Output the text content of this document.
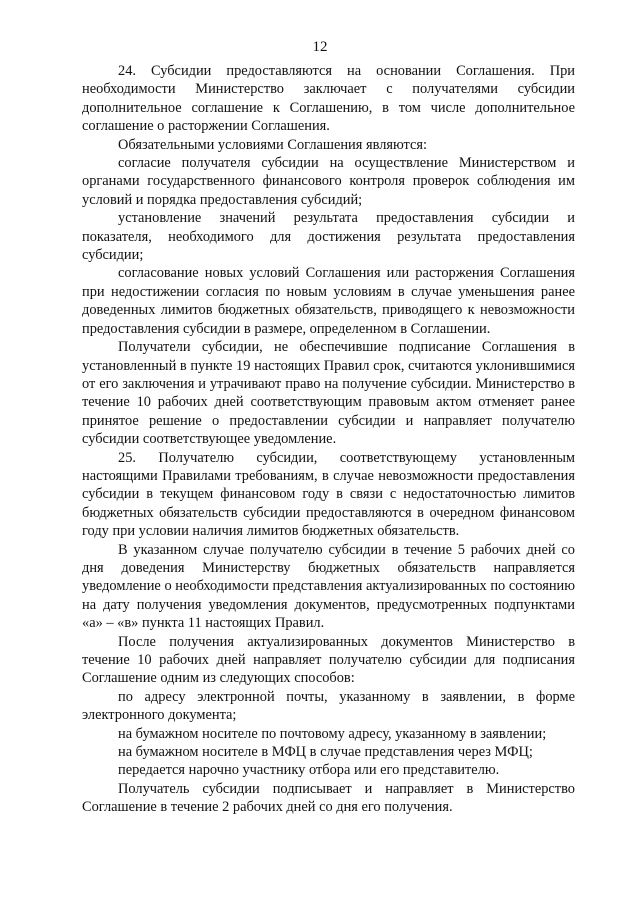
12

24. Субсидии предоставляются на основании Соглашения. При необходимости Министерство заключает с получателями субсидии дополнительное соглашение к Соглашению, в том числе дополнительное соглашение о расторжении Соглашения.

Обязательными условиями Соглашения являются:

согласие получателя субсидии на осуществление Министерством и органами государственного финансового контроля проверок соблюдения им условий и порядка предоставления субсидий;

установление значений результата предоставления субсидии и показателя, необходимого для достижения результата предоставления субсидии;

согласование новых условий Соглашения или расторжения Соглашения при недостижении согласия по новым условиям в случае уменьшения ранее доведенных лимитов бюджетных обязательств, приводящего к невозможности предоставления субсидии в размере, определенном в Соглашении.

Получатели субсидии, не обеспечившие подписание Соглашения в установленный в пункте 19 настоящих Правил срок, считаются уклонившимися от его заключения и утрачивают право на получение субсидии. Министерство в течение 10 рабочих дней соответствующим правовым актом отменяет ранее принятое решение о предоставлении субсидии и направляет получателю субсидии соответствующее уведомление.

25. Получателю субсидии, соответствующему установленным настоящими Правилами требованиям, в случае невозможности предоставления субсидии в текущем финансовом году в связи с недостаточностью лимитов бюджетных обязательств субсидии предоставляются в очередном финансовом году при условии наличия лимитов бюджетных обязательств.

В указанном случае получателю субсидии в течение 5 рабочих дней со дня доведения Министерству бюджетных обязательств направляется уведомление о необходимости представления актуализированных по состоянию на дату получения уведомления документов, предусмотренных подпунктами «а» – «в» пункта 11 настоящих Правил.

После получения актуализированных документов Министерство в течение 10 рабочих дней направляет получателю субсидии для подписания Соглашение одним из следующих способов:

по адресу электронной почты, указанному в заявлении, в форме электронного документа;

на бумажном носителе по почтовому адресу, указанному в заявлении;

на бумажном носителе в МФЦ в случае представления через МФЦ;

передается нарочно участнику отбора или его представителю.

Получатель субсидии подписывает и направляет в Министерство Соглашение в течение 2 рабочих дней со дня его получения.
